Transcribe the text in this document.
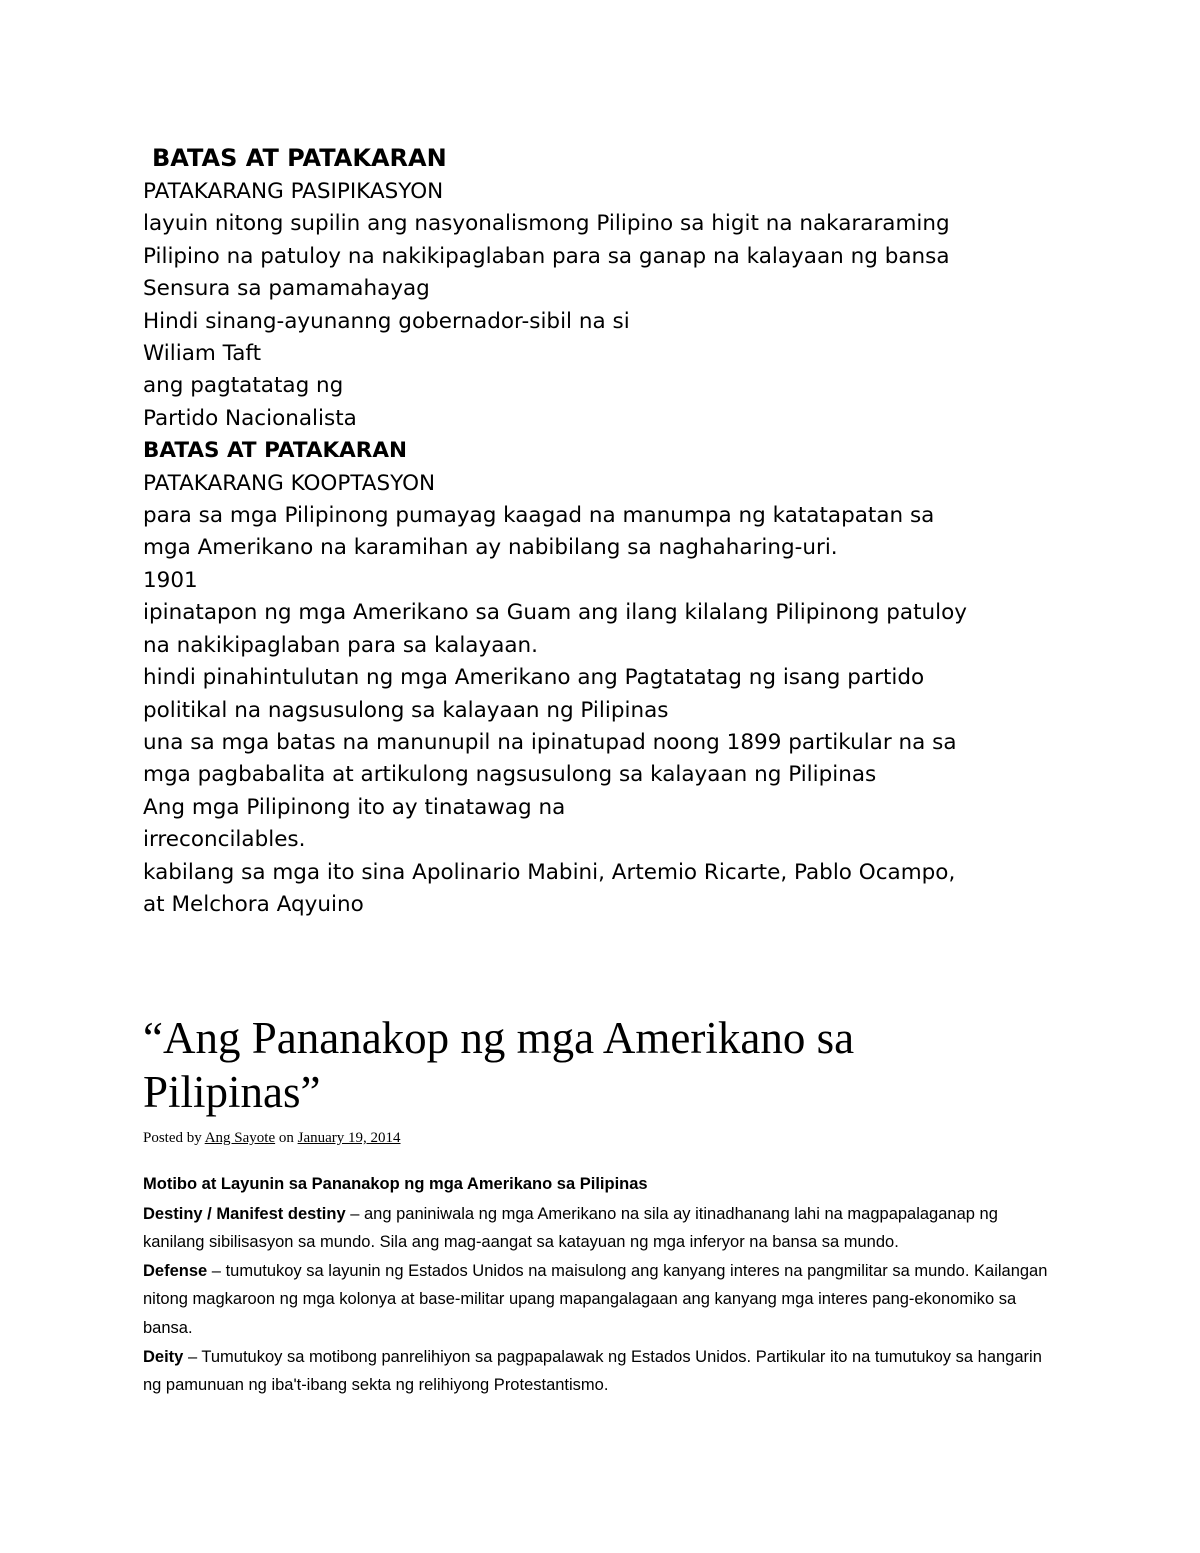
BATAS AT PATAKARAN

PATAKARANG PASIPIKASYON

layuin nitong supilin ang nasyonalismong Pilipino sa higit na nakararaming

Pilipino na patuloy na nakikipaglaban para sa ganap na kalayaan ng bansa

Sensura sa pamamahayag

Hindi sinang-ayunanng gobernador-sibil na si

Wiliam Taft

ang pagtatatag ng

Partido Nacionalista

BATAS AT PATAKARAN

PATAKARANG KOOPTASYON

para sa mga Pilipinong pumayag kaagad na manumpa ng katatapatan sa

mga Amerikano na karamihan ay nabibilang sa naghaharing-uri.

1901

ipinatapon ng mga Amerikano sa Guam ang ilang kilalang Pilipinong patuloy

na nakikipaglaban para sa kalayaan.

hindi pinahintulutan ng mga Amerikano ang Pagtatatag ng isang partido

politikal na nagsusulong sa kalayaan ng Pilipinas

una sa mga batas na manunupil na ipinatupad noong 1899 partikular na sa

mga pagbabalita at artikulong nagsusulong sa kalayaan ng Pilipinas

Ang mga Pilipinong ito ay tinatawag na

irreconcilables.

kabilang sa mga ito sina Apolinario Mabini, Artemio Ricarte, Pablo Ocampo,

at Melchora Aqyuino

“Ang Pananakop ng mga Amerikano sa
Pilipinas”
Posted by Ang Sayote on January 19, 2014

Motibo at Layunin sa Pananakop ng mga Amerikano sa Pilipinas

Destiny / Manifest destiny – ang paniniwala ng mga Amerikano na sila ay itinadhanang lahi na magpapalaganap ng kanilang sibilisasyon sa mundo. Sila ang mag-aangat sa katayuan ng mga inferyor na bansa sa mundo.

Defense – tumutukoy sa layunin ng Estados Unidos na maisulong ang kanyang interes na pangmilitar sa mundo. Kailangan nitong magkaroon ng mga kolonya at base-militar upang mapangalagaan ang kanyang mga interes pang-ekonomiko sa bansa.

Deity – Tumutukoy sa motibong panrelihiyon sa pagpapalawak ng Estados Unidos. Partikular ito na tumutukoy sa hangarin ng pamunuan ng iba't-ibang sekta ng relihiyong Protestantismo.
